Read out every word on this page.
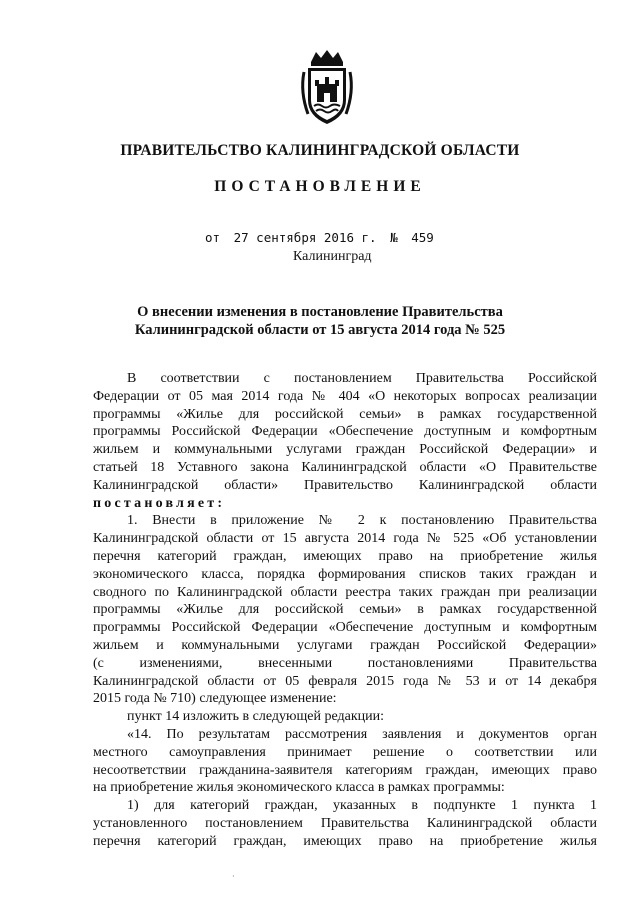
ПРАВИТЕЛЬСТВО КАЛИНИНГРАДСКОЙ ОБЛАСТИ
ПОСТАНОВЛЕНИЕ
от 27 сентября 2016 г. № 459
Калининград
О внесении изменения в постановление Правительства
Калининградской области от 15 августа 2014 года № 525

В соответствии с постановлением Правительства Российской

Федерации от 05 мая 2014 года № 404 «О некоторых вопросах реализации

программы «Жилье для российской семьи» в рамках государственной

программы Российской Федерации «Обеспечение доступным и комфортным

жильем и коммунальными услугами граждан Российской Федерации» и

статьей 18 Уставного закона Калининградской области «О Правительстве

Калининградской области» Правительство Калининградской области

постановляет:

1. Внести в приложение № 2 к постановлению Правительства

Калининградской области от 15 августа 2014 года № 525 «Об установлении

перечня категорий граждан, имеющих право на приобретение жилья

экономического класса, порядка формирования списков таких граждан и

сводного по Калининградской области реестра таких граждан при реализации

программы «Жилье для российской семьи» в рамках государственной

программы Российской Федерации «Обеспечение доступным и комфортным

жильем и коммунальными услугами граждан Российской Федерации»

(с изменениями, внесенными постановлениями Правительства

Калининградской области от 05 февраля 2015 года № 53 и от 14 декабря

2015 года № 710) следующее изменение:

пункт 14 изложить в следующей редакции:

«14. По результатам рассмотрения заявления и документов орган

местного самоуправления принимает решение о соответствии или

несоответствии гражданина-заявителя категориям граждан, имеющих право

на приобретение жилья экономического класса в рамках программы:

1) для категорий граждан, указанных в подпункте 1 пункта 1

установленного постановлением Правительства Калининградской области

перечня категорий граждан, имеющих право на приобретение жилья

·
